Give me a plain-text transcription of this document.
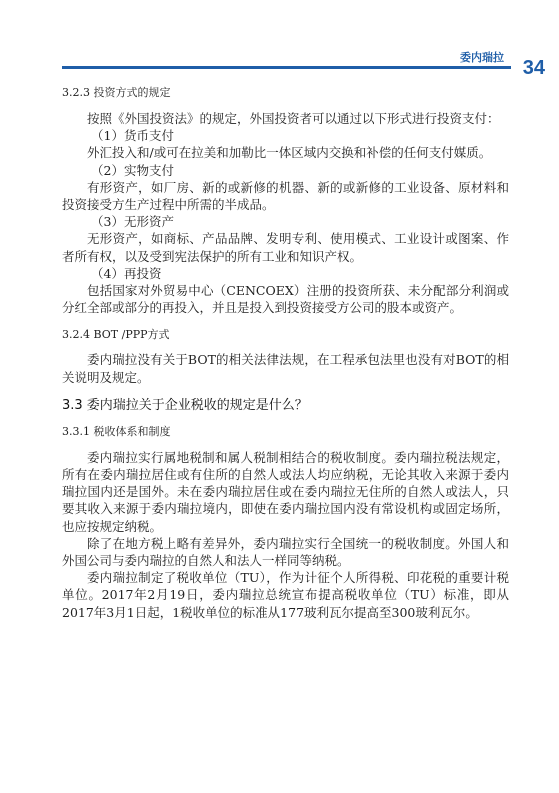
委内瑞拉 34
3.2.3 投资方式的规定

按照《外国投资法》的规定，外国投资者可以通过以下形式进行投资支付：

（1）货币支付

外汇投入和/或可在拉美和加勒比一体区域内交换和补偿的任何支付媒质。

（2）实物支付

有形资产，如厂房、新的或新修的机器、新的或新修的工业设备、原材料和投资接受方生产过程中所需的半成品。

（3）无形资产

无形资产，如商标、产品品牌、发明专利、使用模式、工业设计或图案、作者所有权，以及受到宪法保护的所有工业和知识产权。

（4）再投资

包括国家对外贸易中心（CENCOEX）注册的投资所获、未分配部分利润或分红全部或部分的再投入，并且是投入到投资接受方公司的股本或资产。

3.2.4 BOT /PPP方式

委内瑞拉没有关于BOT的相关法律法规，在工程承包法里也没有对BOT的相关说明及规定。

3.3 委内瑞拉关于企业税收的规定是什么？
3.3.1 税收体系和制度

委内瑞拉实行属地税制和属人税制相结合的税收制度。委内瑞拉税法规定，所有在委内瑞拉居住或有住所的自然人或法人均应纳税，无论其收入来源于委内瑞拉国内还是国外。未在委内瑞拉居住或在委内瑞拉无住所的自然人或法人，只要其收入来源于委内瑞拉境内，即使在委内瑞拉国内没有常设机构或固定场所，也应按规定纳税。

除了在地方税上略有差异外，委内瑞拉实行全国统一的税收制度。外国人和外国公司与委内瑞拉的自然人和法人一样同等纳税。

委内瑞拉制定了税收单位（TU），作为计征个人所得税、印花税的重要计税单位。2017年2月19日，委内瑞拉总统宣布提高税收单位（TU）标准，即从2017年3月1日起，1税收单位的标准从177玻利瓦尔提高至300玻利瓦尔。
